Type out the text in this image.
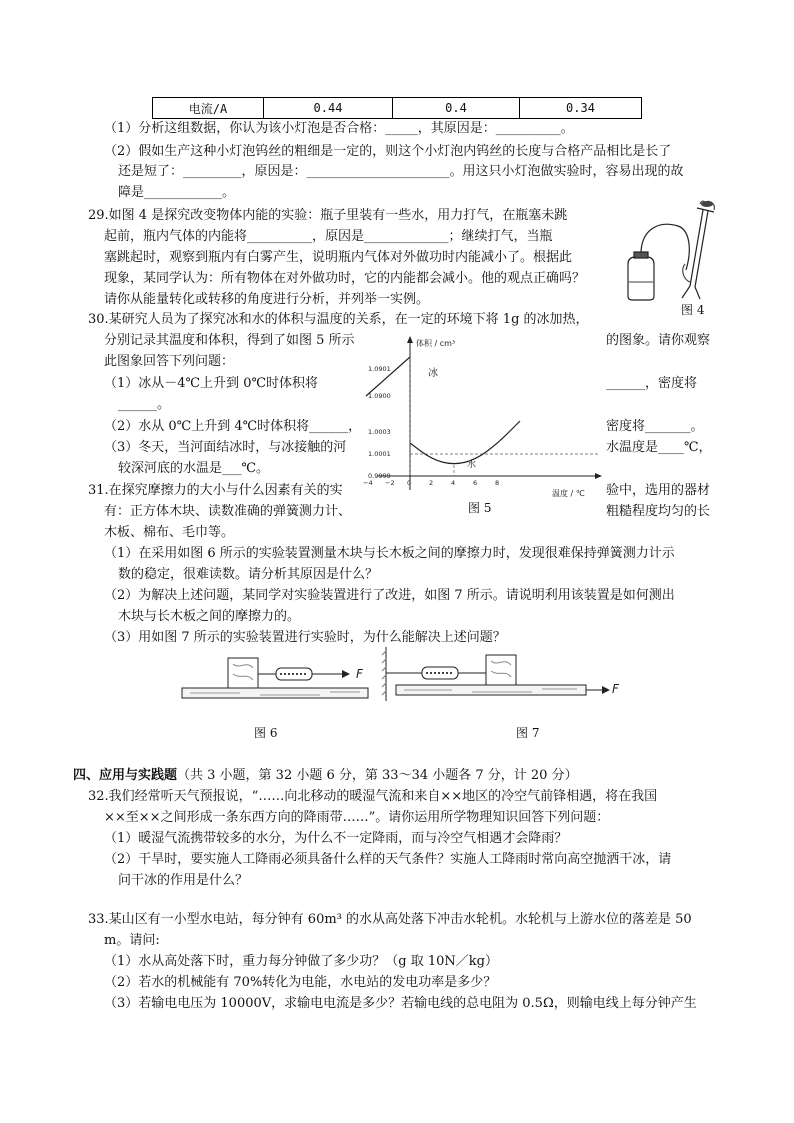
电流/A	0.44	0.4	0.34
（1）分析这组数据，你认为该小灯泡是否合格：_____，其原因是：__________。
（2）假如生产这种小灯泡钨丝的粗细是一定的，则这个小灯泡内钨丝的长度与合格产品相比是长了
还是短了：_________，原因是：______________________。用这只小灯泡做实验时，容易出现的故
障是____________。
29.如图 4 是探究改变物体内能的实验：瓶子里装有一些水，用力打气，在瓶塞未跳
起前，瓶内气体的内能将__________，原因是_____________；继续打气，当瓶
塞跳起时，观察到瓶内有白雾产生，说明瓶内气体对外做功时内能减小了。根据此
现象，某同学认为：所有物体在对外做功时，它的内能都会减小。他的观点正确吗？
请你从能量转化或转移的角度进行分析，并列举一实例。
图 4
30.某研究人员为了探究冰和水的体积与温度的关系，在一定的环境下将 1g 的冰加热，
分别记录其温度和体积，得到了如图 5 所示	的图象。请你观察
此图象回答下列问题：
（1）冰从－4℃上升到 0℃时体积将	______，密度将
______。
（2）水从 0℃上升到 4℃时体积将______，	密度将_______。
（3）冬天，当河面结冰时，与冰接触的河	水温度是____℃，
较深河底的水温是___℃。
1.0900
1.0901
1.0003
1.0001
0.9999
−4 −2 0	2	4	6	8
体积 / cm³
温度 / ℃
冰
水
图 5
31.在探究摩擦力的大小与什么因素有关的实	验中，选用的器材
有：正方体木块、读数准确的弹簧测力计、	粗糙程度均匀的长
木板、棉布、毛巾等。
（1）在采用如图 6 所示的实验装置测量木块与长木板之间的摩擦力时，发现很难保持弹簧测力计示
数的稳定，很难读数。请分析其原因是什么？
（2）为解决上述问题，某同学对实验装置进行了改进，如图 7 所示。请说明利用该装置是如何测出
木块与长木板之间的摩擦力的。
（3）用如图 7 所示的实验装置进行实验时，为什么能解决上述问题？
F
图 6
F
图 7
四、应用与实践题（共 3 小题，第 32 小题 6 分，第 33～34 小题各 7 分，计 20 分）
32.我们经常听天气预报说，“……向北移动的暖湿气流和来自××地区的冷空气前锋相遇，将在我国
××至××之间形成一条东西方向的降雨带……”。请你运用所学物理知识回答下列问题：
（1）暖湿气流携带较多的水分，为什么不一定降雨，而与冷空气相遇才会降雨？
（2）干旱时，要实施人工降雨必须具备什么样的天气条件？实施人工降雨时常向高空抛洒干冰，请
问干冰的作用是什么？
33.某山区有一小型水电站，每分钟有 60m³ 的水从高处落下冲击水轮机。水轮机与上游水位的落差是 50
m。请问:
（1）水从高处落下时，重力每分钟做了多少功？（g 取 10N／kg）
（2）若水的机械能有 70%转化为电能，水电站的发电功率是多少？
（3）若输电电压为 10000V，求输电电流是多少？若输电线的总电阻为 0.5Ω，则输电线上每分钟产生
